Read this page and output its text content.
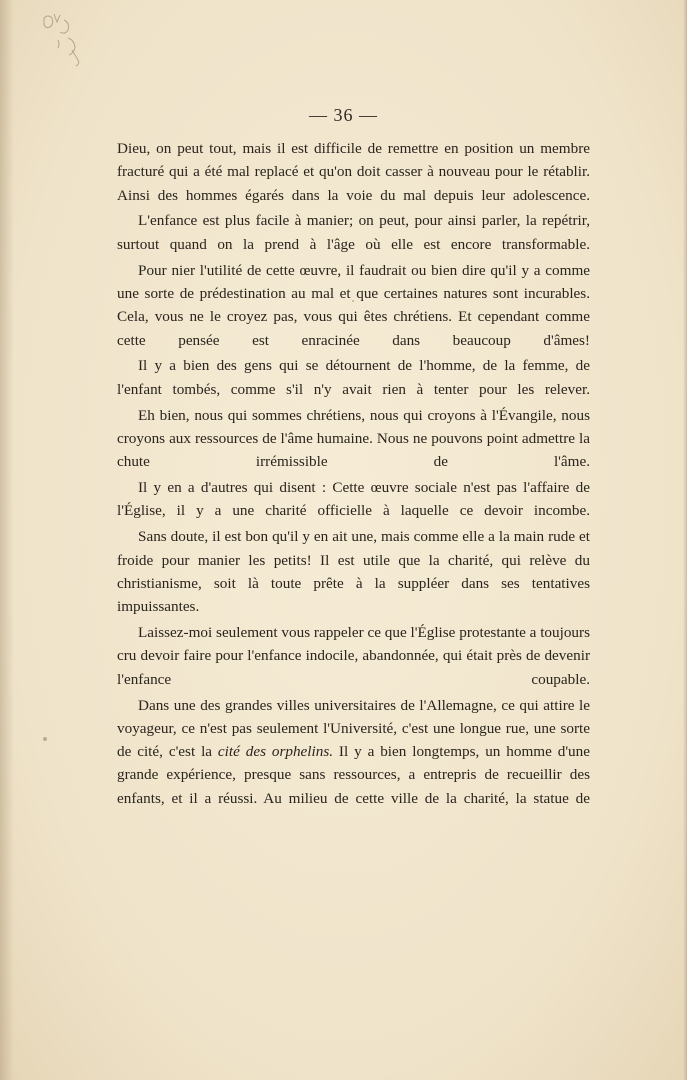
— 36 —

Dieu, on peut tout, mais il est difficile de remettre en position un membre fracturé qui a été mal replacé et qu'on doit casser à nouveau pour le rétablir. Ainsi des hommes égarés dans la voie du mal depuis leur adolescence.

L'enfance est plus facile à manier; on peut, pour ainsi parler, la repétrir, surtout quand on la prend à l'âge où elle est encore transformable.

Pour nier l'utilité de cette œuvre, il faudrait ou bien dire qu'il y a comme une sorte de prédestination au mal et que certaines natures sont incurables. Cela, vous ne le croyez pas, vous qui êtes chrétiens. Et cependant comme cette pensée est enracinée dans beaucoup d'âmes!

Il y a bien des gens qui se détournent de l'homme, de la femme, de l'enfant tombés, comme s'il n'y avait rien à tenter pour les relever.

Eh bien, nous qui sommes chrétiens, nous qui croyons à l'Évangile, nous croyons aux ressources de l'âme humaine. Nous ne pouvons point admettre la chute irrémissible de l'âme.

Il y en a d'autres qui disent : Cette œuvre sociale n'est pas l'affaire de l'Église, il y a une charité officielle à laquelle ce devoir incombe.

Sans doute, il est bon qu'il y en ait une, mais comme elle a la main rude et froide pour manier les petits! Il est utile que la charité, qui relève du christianisme, soit là toute prête à la suppléer dans ses tentatives impuissantes.

Laissez-moi seulement vous rappeler ce que l'Église protestante a toujours cru devoir faire pour l'enfance indocile, abandonnée, qui était près de devenir l'enfance coupable.

Dans une des grandes villes universitaires de l'Allemagne, ce qui attire le voyageur, ce n'est pas seulement l'Université, c'est une longue rue, une sorte de cité, c'est la cité des orphelins. Il y a bien longtemps, un homme d'une grande expérience, presque sans ressources, a entrepris de recueillir des enfants, et il a réussi. Au milieu de cette ville de la charité, la statue de
